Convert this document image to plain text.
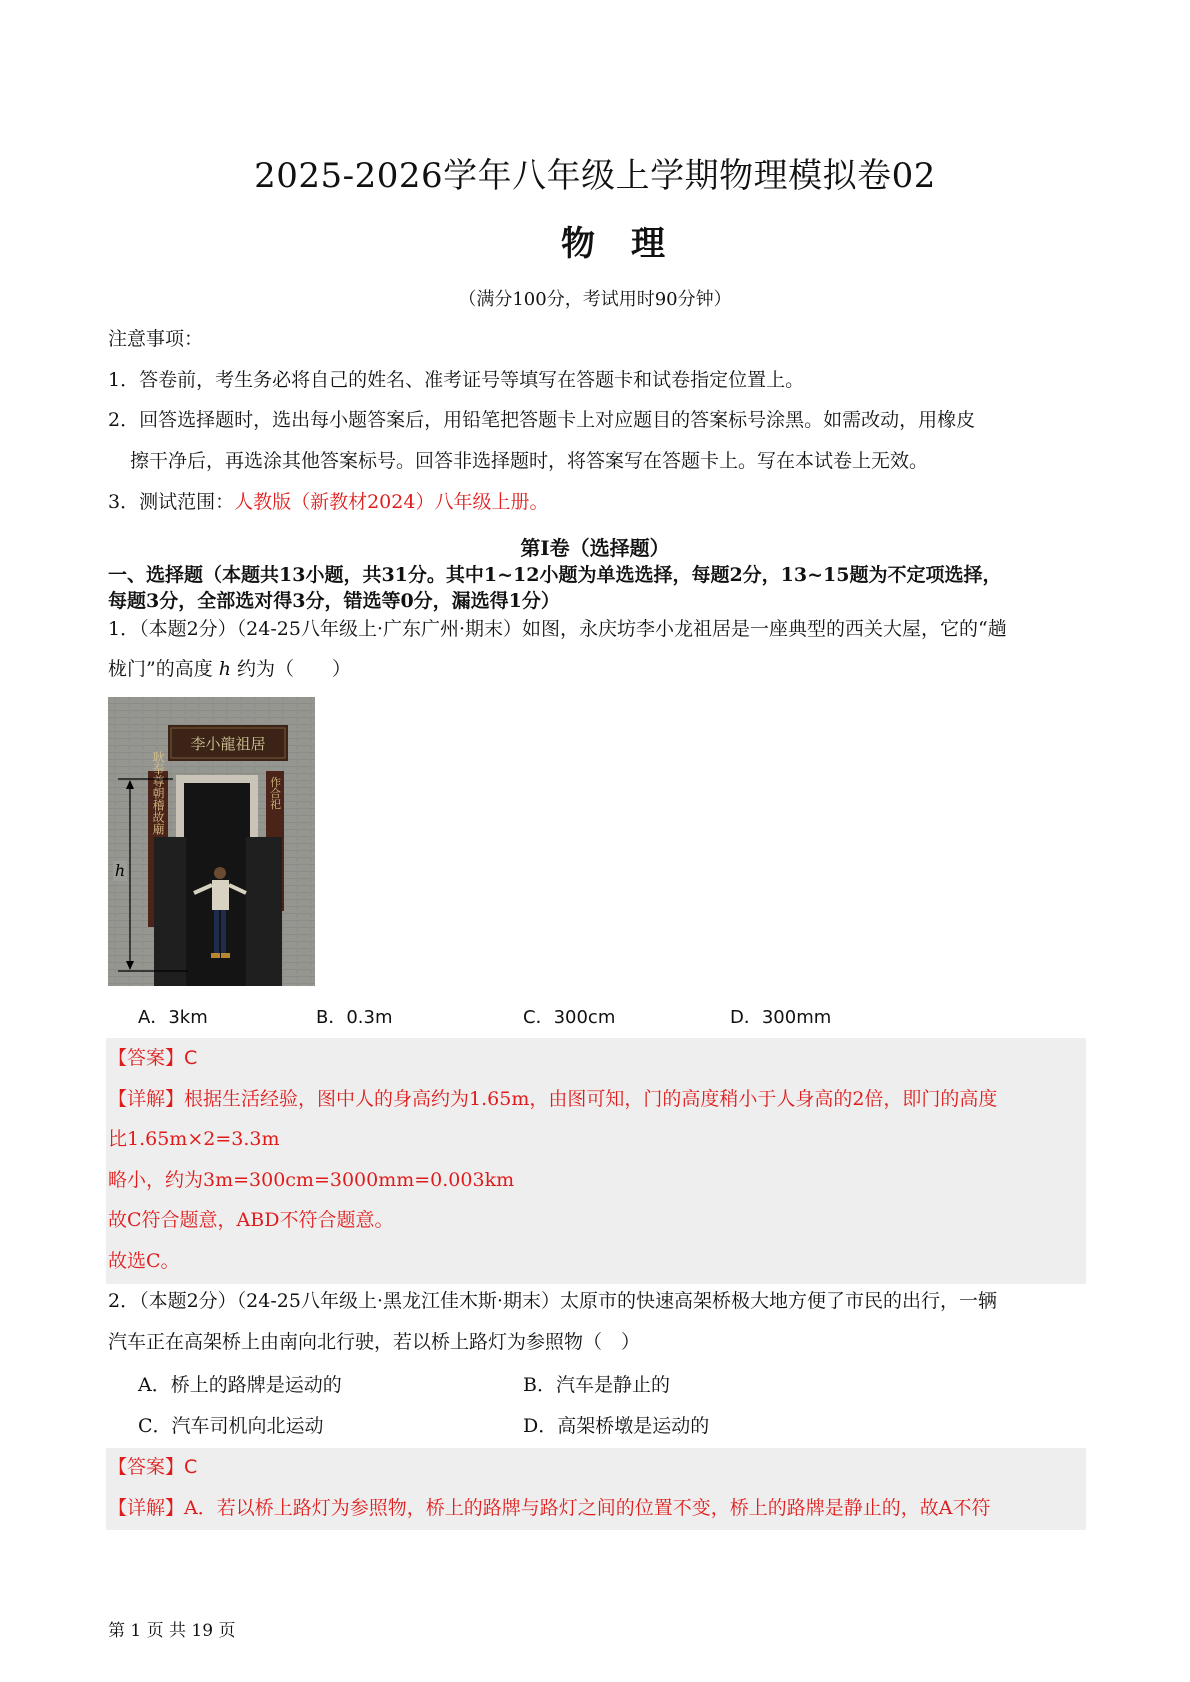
2025-2026学年八年级上学期物理模拟卷02
物理
（满分100分，考试用时90分钟）
注意事项：
1．答卷前，考生务必将自己的姓名、准考证号等填写在答题卡和试卷指定位置上。
2．回答选择题时，选出每小题答案后，用铅笔把答题卡上对应题目的答案标号涂黑。如需改动，用橡皮
擦干净后，再选涂其他答案标号。回答非选择题时，将答案写在答题卡上。写在本试卷上无效。
3．测试范围：人教版（新教材2024）八年级上册。
第Ⅰ卷（选择题）
一、选择题（本题共13小题，共31分。其中1~12小题为单选选择，每题2分，13~15题为不定项选择，
每题3分，全部选对得3分，错选等0分，漏选得1分）
1．（本题2分）（24-25八年级上·广东广州·期末）如图，永庆坊李小龙祖居是一座典型的西关大屋，它的“趟
栊门”的高度 h 约为（　　）
李小龍祖居
耿奉尊朝稽故廟	作合祀
h
A．3km	B．0.3m	C．300cm	D．300mm
【答案】C
【详解】根据生活经验，图中人的身高约为1.65m，由图可知，门的高度稍小于人身高的2倍，即门的高度
比1.65m×2=3.3m
略小，约为3m=300cm=3000mm=0.003km
故C符合题意，ABD不符合题意。
故选C。
2．（本题2分）（24-25八年级上·黑龙江佳木斯·期末）太原市的快速高架桥极大地方便了市民的出行，一辆
汽车正在高架桥上由南向北行驶，若以桥上路灯为参照物（　）
A．桥上的路牌是运动的	B．汽车是静止的
C．汽车司机向北运动	D．高架桥墩是运动的
【答案】C
【详解】A．若以桥上路灯为参照物，桥上的路牌与路灯之间的位置不变，桥上的路牌是静止的，故A不符
第 1 页 共 19 页
